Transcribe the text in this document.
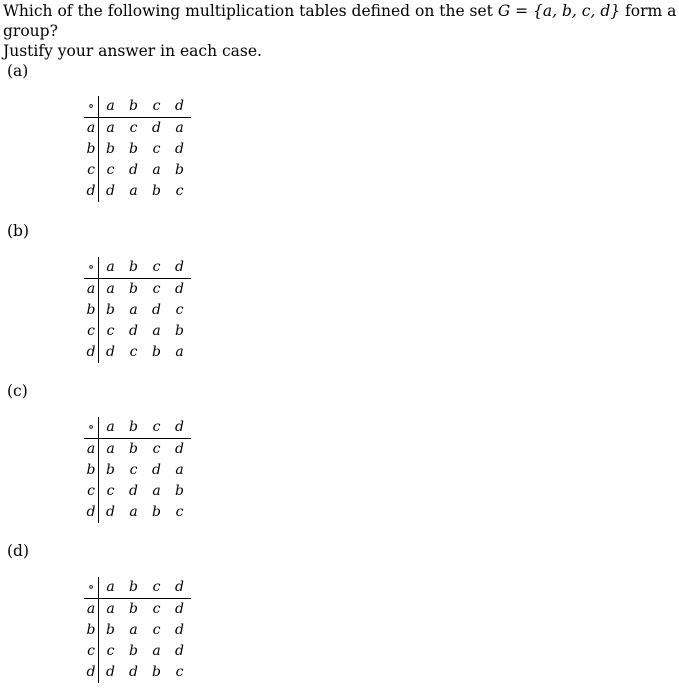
Which of the following multiplication tables defined on the set G = {a, b, c, d} form a group?
Justify your answer in each case.
(a)
∘	a	b	c	d
a	a	c	d	a
b	b	b	c	d
c	c	d	a	b
d	d	a	b	c
(b)
∘	a	b	c	d
a	a	b	c	d
b	b	a	d	c
c	c	d	a	b
d	d	c	b	a
(c)
∘	a	b	c	d
a	a	b	c	d
b	b	c	d	a
c	c	d	a	b
d	d	a	b	c
(d)
∘	a	b	c	d
a	a	b	c	d
b	b	a	c	d
c	c	b	a	d
d	d	d	b	c
